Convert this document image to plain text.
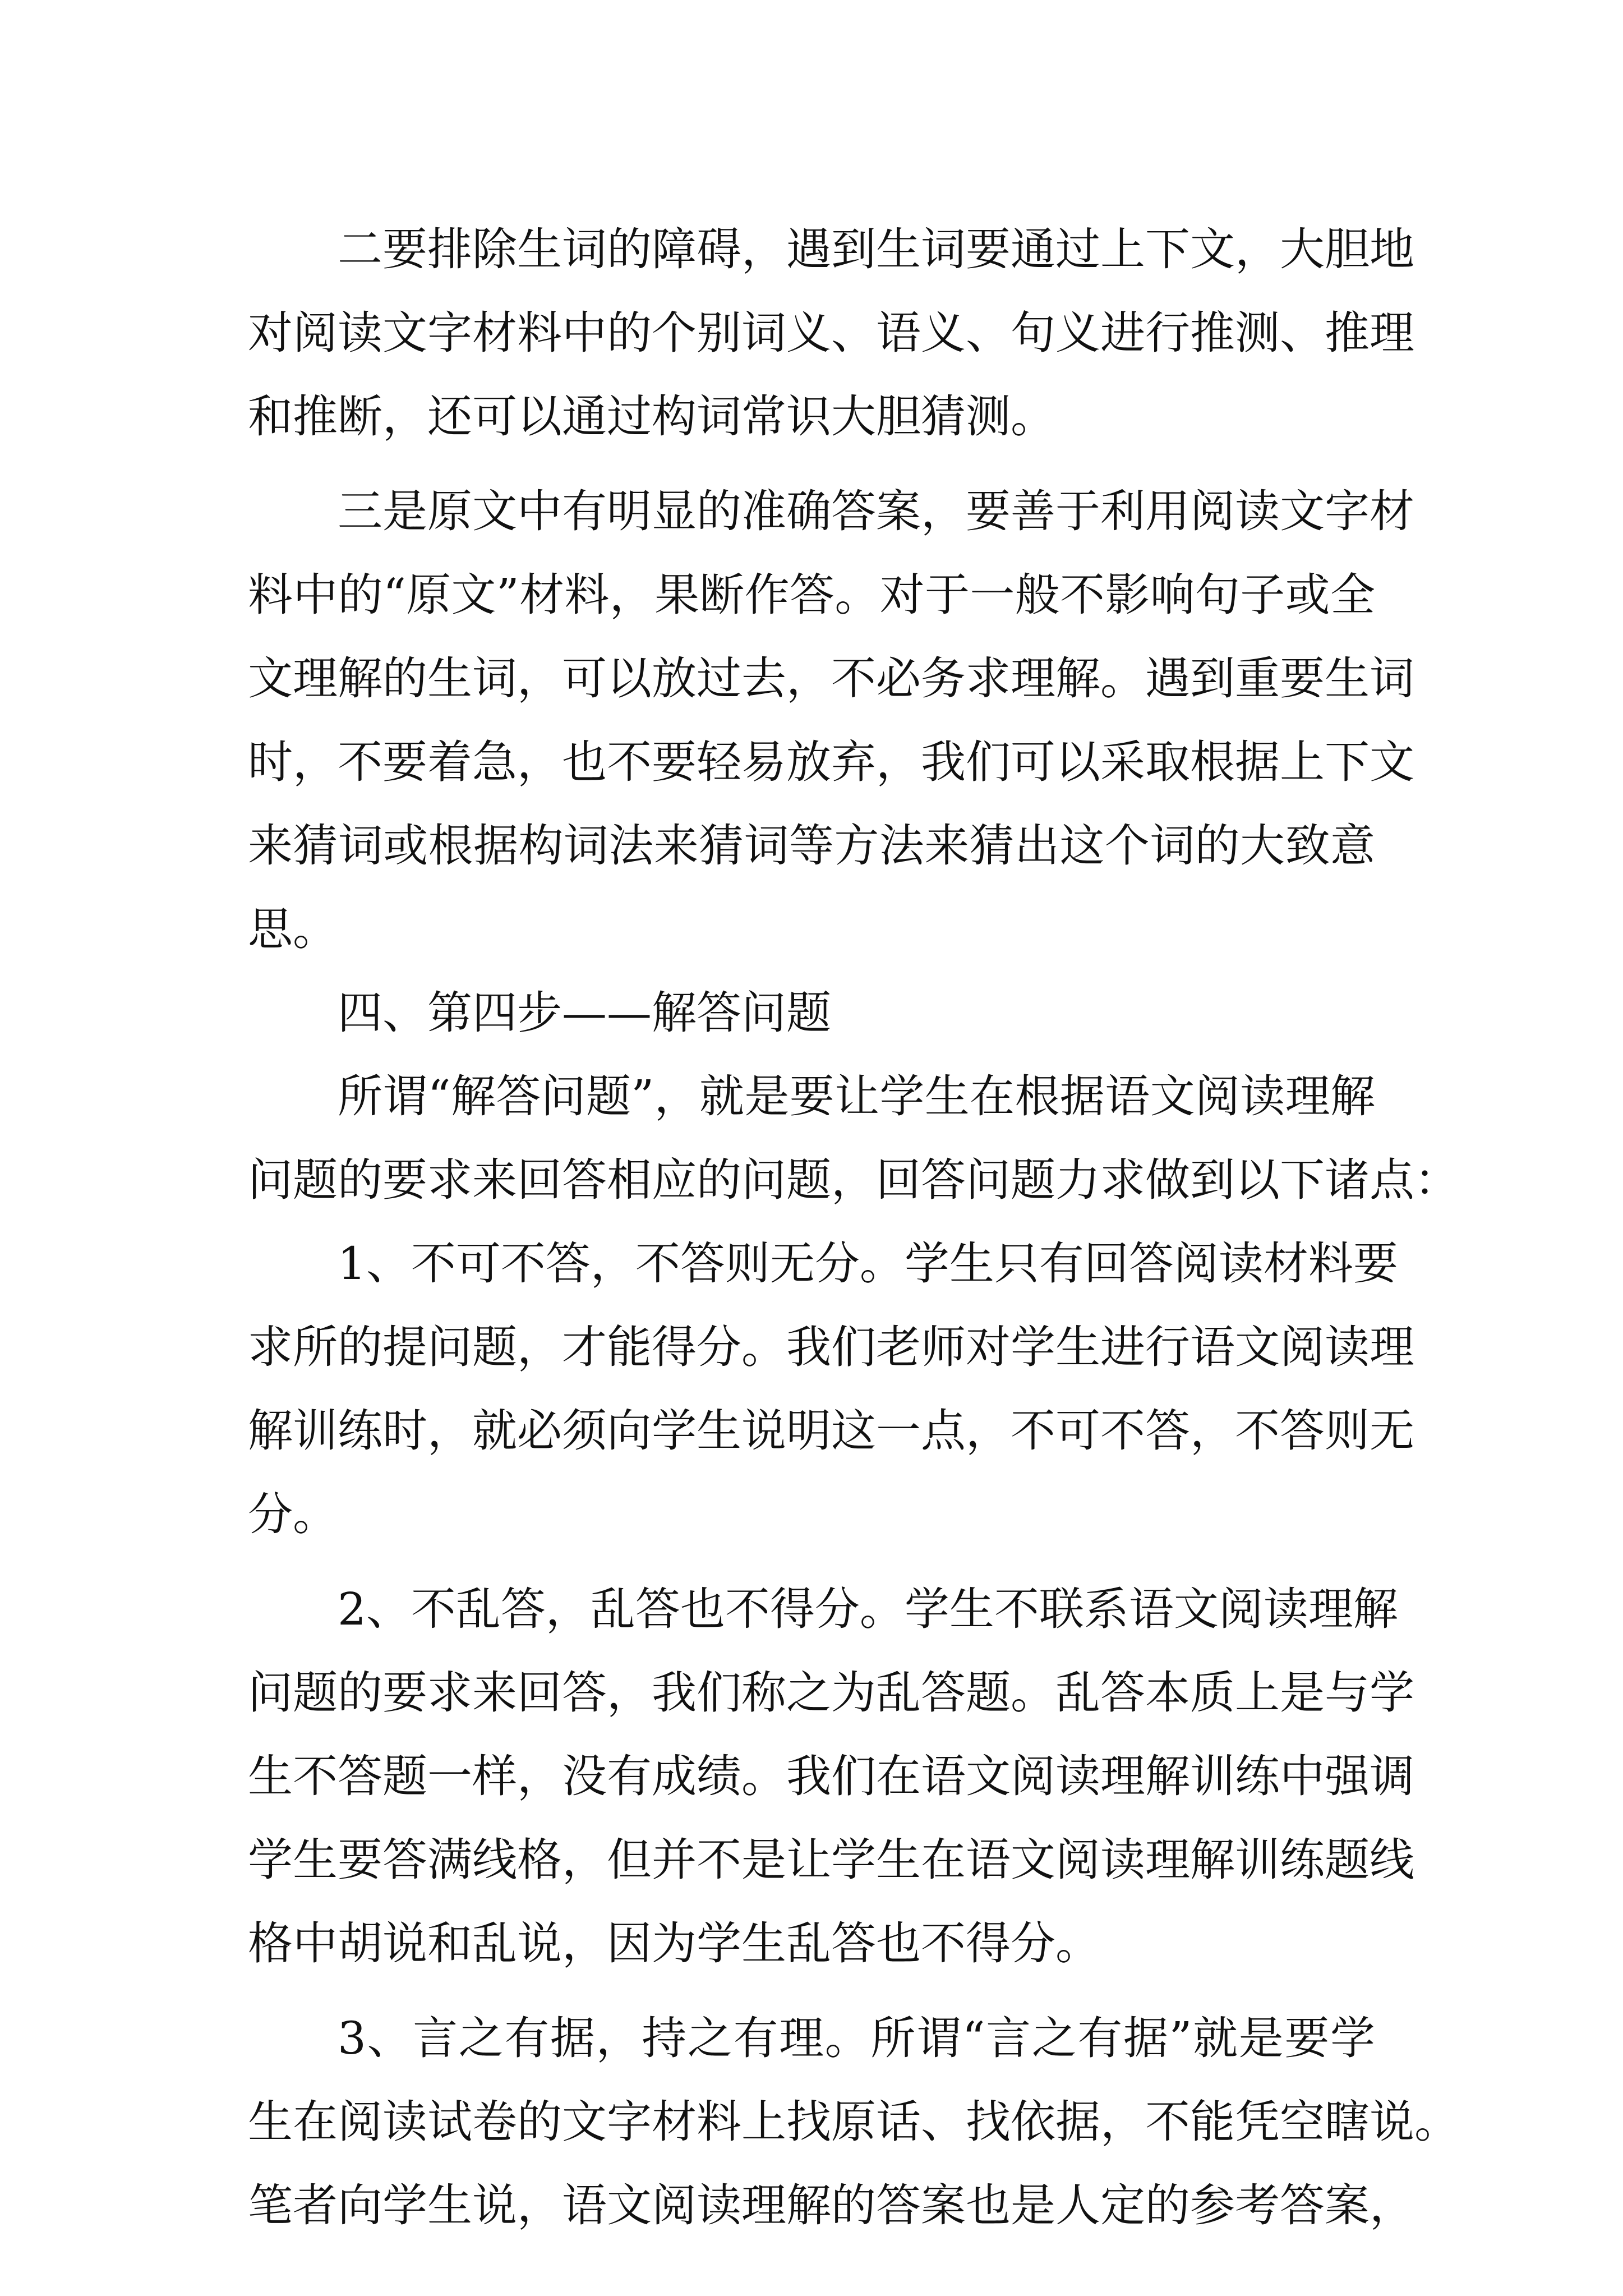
二要排除生词的障碍，遇到生词要通过上下文，大胆地
对阅读文字材料中的个别词义、语义、句义进行推测、推理
和推断，还可以通过构词常识大胆猜测。
三是原文中有明显的准确答案，要善于利用阅读文字材
料中的“原文”材料，果断作答。对于一般不影响句子或全
文理解的生词，可以放过去，不必务求理解。遇到重要生词
时，不要着急，也不要轻易放弃，我们可以采取根据上下文
来猜词或根据构词法来猜词等方法来猜出这个词的大致意
思。
四、第四步——解答问题
所谓“解答问题”，就是要让学生在根据语文阅读理解
问题的要求来回答相应的问题，回答问题力求做到以下诸点：
1、不可不答，不答则无分。学生只有回答阅读材料要
求所的提问题，才能得分。我们老师对学生进行语文阅读理
解训练时，就必须向学生说明这一点，不可不答，不答则无
分。
2、不乱答，乱答也不得分。学生不联系语文阅读理解
问题的要求来回答，我们称之为乱答题。乱答本质上是与学
生不答题一样，没有成绩。我们在语文阅读理解训练中强调
学生要答满线格，但并不是让学生在语文阅读理解训练题线
格中胡说和乱说，因为学生乱答也不得分。
3、言之有据，持之有理。所谓“言之有据”就是要学
生在阅读试卷的文字材料上找原话、找依据，不能凭空瞎说。
笔者向学生说，语文阅读理解的答案也是人定的参考答案，
